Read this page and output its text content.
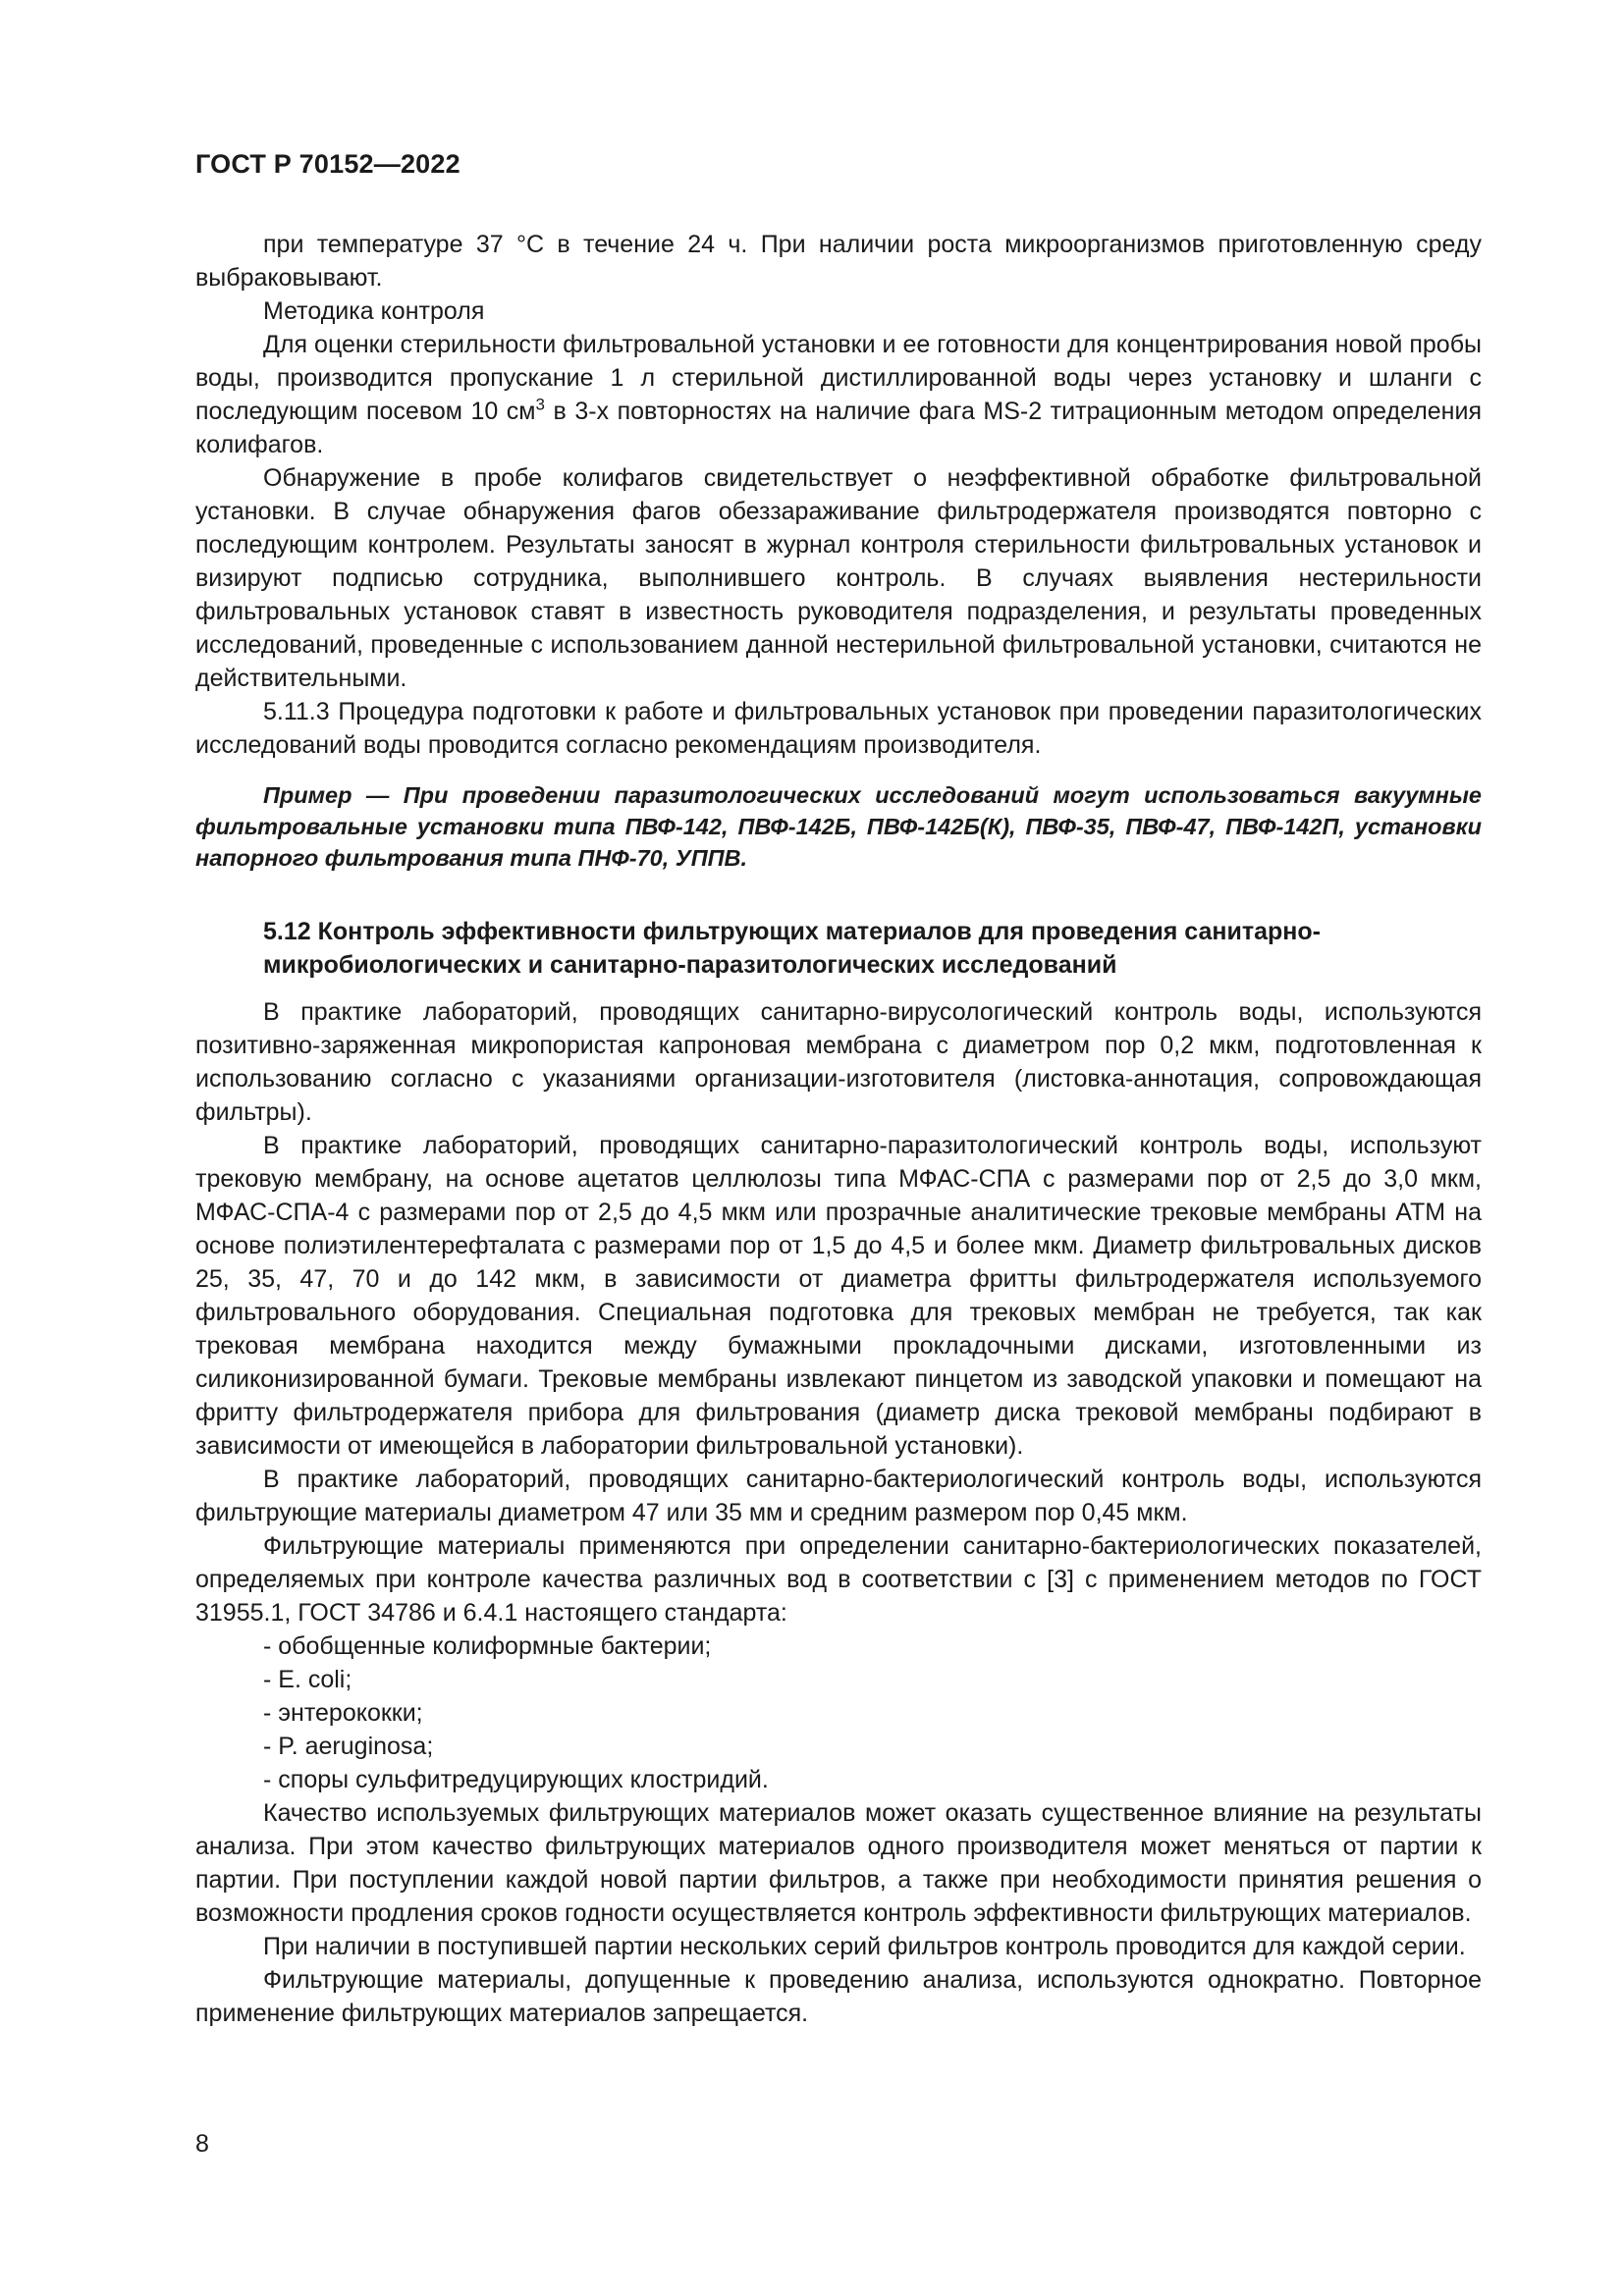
ГОСТ Р 70152—2022

при температуре 37 °С в течение 24 ч. При наличии роста микроорганизмов приготовленную среду выбраковывают.

Методика контроля

Для оценки стерильности фильтровальной установки и ее готовности для концентрирования новой пробы воды, производится пропускание 1 л стерильной дистиллированной воды через установку и шланги с последующим посевом 10 $см^3$ в 3-х повторностях на наличие фага MS-2 титрационным методом определения колифагов.

Обнаружение в пробе колифагов свидетельствует о неэффективной обработке фильтровальной установки. В случае обнаружения фагов обеззараживание фильтродержателя производятся повторно с последующим контролем. Результаты заносят в журнал контроля стерильности фильтровальных установок и визируют подписью сотрудника, выполнившего контроль. В случаях выявления нестерильности фильтровальных установок ставят в известность руководителя подразделения, и результаты проведенных исследований, проведенные с использованием данной нестерильной фильтровальной установки, считаются не действительными.

5.11.3 Процедура подготовки к работе и фильтровальных установок при проведении паразитологических исследований воды проводится согласно рекомендациям производителя.

Пример — При проведении паразитологических исследований могут использоваться вакуумные фильтровальные установки типа ПВФ-142, ПВФ-142Б, ПВФ-142Б(К), ПВФ-35, ПВФ-47, ПВФ-142П, установки напорного фильтрования типа ПНФ-70, УППВ.

5.12 Контроль эффективности фильтрующих материалов для проведения санитарно-микробиологических и санитарно-паразитологических исследований

В практике лабораторий, проводящих санитарно-вирусологический контроль воды, используются позитивно-заряженная микропористая капроновая мембрана с диаметром пор 0,2 мкм, подготовленная к использованию согласно с указаниями организации-изготовителя (листовка-аннотация, сопровождающая фильтры).

В практике лабораторий, проводящих санитарно-паразитологический контроль воды, используют трековую мембрану, на основе ацетатов целлюлозы типа МФАС-СПА с размерами пор от 2,5 до 3,0 мкм, МФАС-СПА-4 с размерами пор от 2,5 до 4,5 мкм или прозрачные аналитические трековые мембраны АТМ на основе полиэтилентерефталата с размерами пор от 1,5 до 4,5 и более мкм. Диаметр фильтровальных дисков 25, 35, 47, 70 и до 142 мкм, в зависимости от диаметра фритты фильтродержателя используемого фильтровального оборудования. Специальная подготовка для трековых мембран не требуется, так как трековая мембрана находится между бумажными прокладочными дисками, изготовленными из силиконизированной бумаги. Трековые мембраны извлекают пинцетом из заводской упаковки и помещают на фритту фильтродержателя прибора для фильтрования (диаметр диска трековой мембраны подбирают в зависимости от имеющейся в лаборатории фильтровальной установки).

В практике лабораторий, проводящих санитарно-бактериологический контроль воды, используются фильтрующие материалы диаметром 47 или 35 мм и средним размером пор 0,45 мкм.

Фильтрующие материалы применяются при определении санитарно-бактериологических показателей, определяемых при контроле качества различных вод в соответствии с [3] с применением методов по ГОСТ 31955.1, ГОСТ 34786 и 6.4.1 настоящего стандарта:

- обобщенные колиформные бактерии;
- E. coli;
- энтерококки;
- P. aeruginosa;
- споры сульфитредуцирующих клостридий.

Качество используемых фильтрующих материалов может оказать существенное влияние на результаты анализа. При этом качество фильтрующих материалов одного производителя может меняться от партии к партии. При поступлении каждой новой партии фильтров, а также при необходимости принятия решения о возможности продления сроков годности осуществляется контроль эффективности фильтрующих материалов.

При наличии в поступившей партии нескольких серий фильтров контроль проводится для каждой серии.

Фильтрующие материалы, допущенные к проведению анализа, используются однократно. Повторное применение фильтрующих материалов запрещается.

8
